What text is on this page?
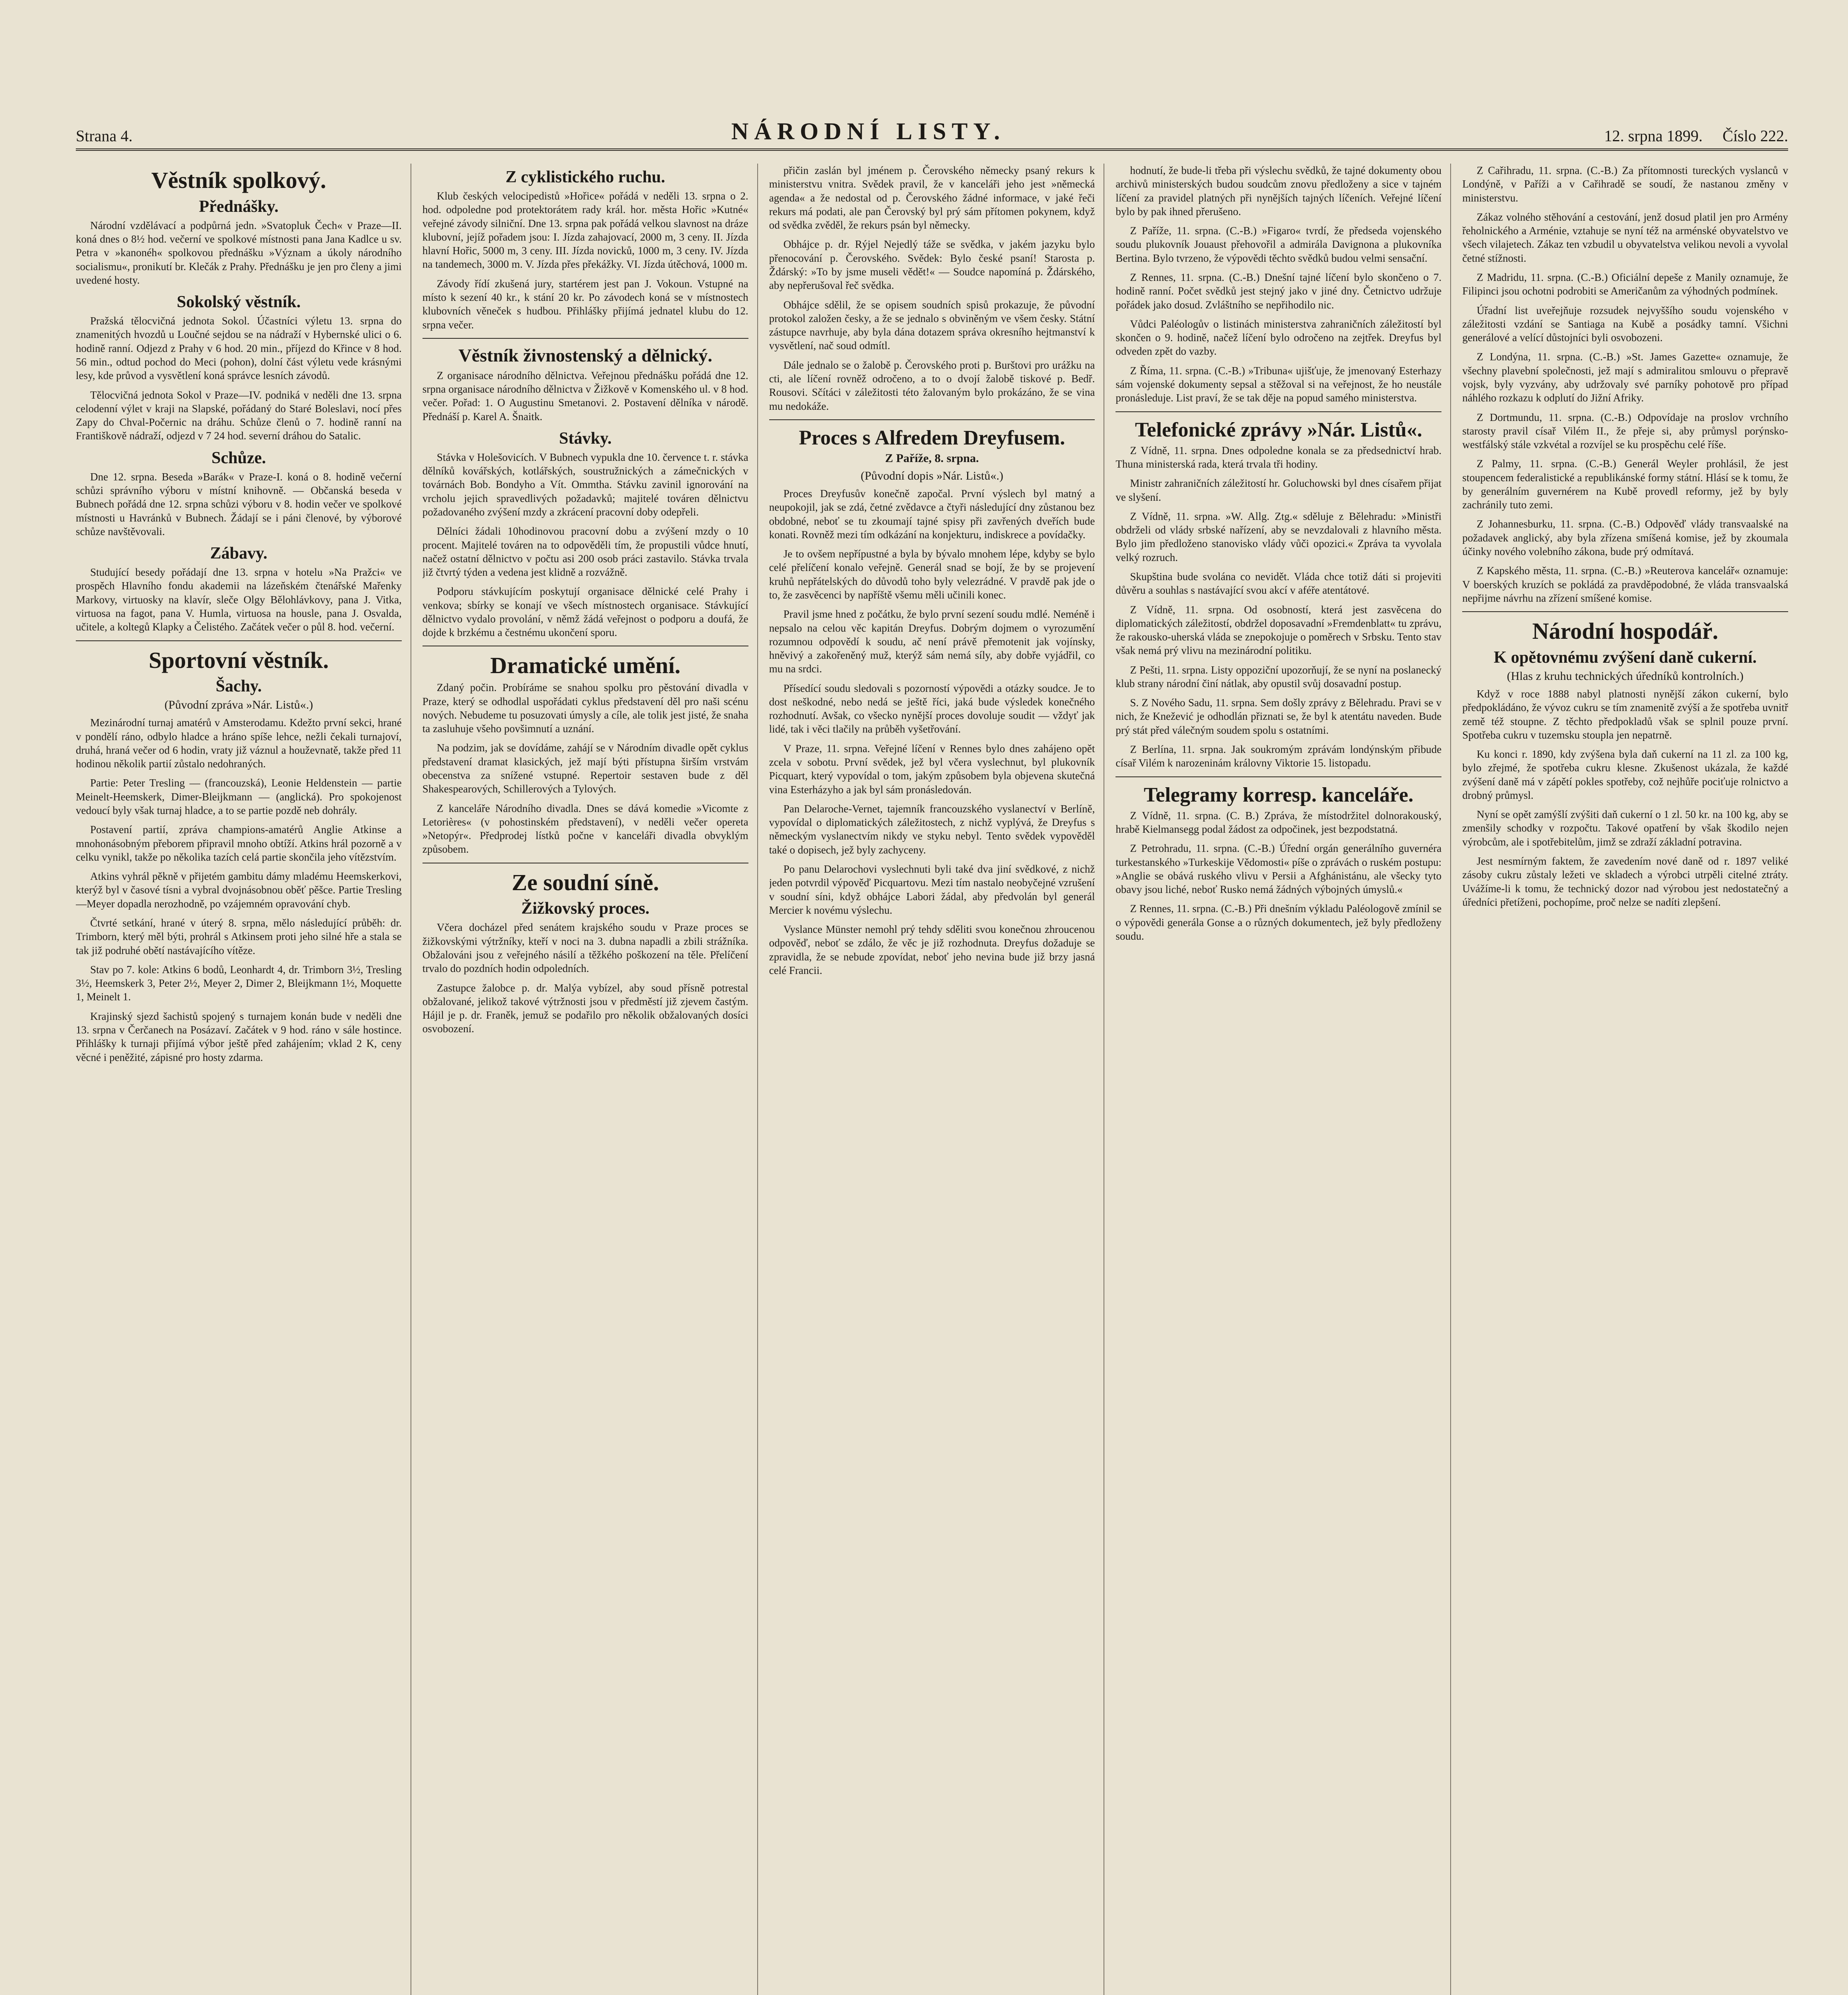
Strana 4.	NÁRODNÍ LISTY.	12. srpna 1899. Číslo 222.
Věstník spolkový.
Přednášky.

Národní vzdělávací a podpůrná jedn. »Svatopluk Čech« v Praze—II. koná dnes o 8½ hod. večerní ve spolkové místnosti pana Jana Kadlce u sv. Petra v »kanonéh« spolkovou přednášku »Význam a úkoly národního socialismu«, pronikutí br. Klečák z Prahy. Přednášku je jen pro členy a jimi uvedené hosty.

Sokolský věstník.

Pražská tělocvičná jednota Sokol. Účastníci výletu 13. srpna do znamenitých hvozdů u Loučné sejdou se na nádraží v Hybernské ulici o 6. hodině ranní. Odjezd z Prahy v 6 hod. 20 min., příjezd do Křince v 8 hod. 56 min., odtud pochod do Meci (pohon), dolní část výletu vede krásnými lesy, kde průvod a vysvětlení koná správce lesních závodů.

Tělocvičná jednota Sokol v Praze—IV. podniká v neděli dne 13. srpna celodenní výlet v kraji na Slapské, pořádaný do Staré Boleslavi, nocí přes Zapy do Chval-Počernic na dráhu. Schůze členů o 7. hodině ranní na Františkově nádraží, odjezd v 7 24 hod. severní dráhou do Satalic.

Schůze.

Dne 12. srpna. Beseda »Barák« v Praze-I. koná o 8. hodině večerní schůzi správního výboru v místní knihovně. — Občanská beseda v Bubnech pořádá dne 12. srpna schůzi výboru v 8. hodin večer ve spolkové místnosti u Havránků v Bubnech. Žádají se i páni členové, by výborové schůze navštěvovali.

Zábavy.

Studující besedy pořádají dne 13. srpna v hotelu »Na Pražci« ve prospěch Hlavního fondu akademii na lázeňském čtenářské Mařenky Markovy, virtuosky na klavír, sleče Olgy Bělohlávkovy, pana J. Vitka, virtuosa na fagot, pana V. Humla, virtuosa na housle, pana J. Osvalda, učitele, a koltegů Klapky a Čelistého. Začátek večer o půl 8. hod. večerní.

Sportovní věstník.
Šachy.
(Původní zpráva »Nár. Listů«.)

Mezinárodní turnaj amatérů v Amsterodamu. Kdežto první sekci, hrané v pondělí ráno, odbylo hladce a hráno spíše lehce, nežli čekali turnajoví, druhá, hraná večer od 6 hodin, vraty již váznul a houževnatě, takže před 11 hodinou několik partií zůstalo nedohraných.

Partie: Peter Tresling — (francouzská), Leonie Heldenstein — partie Meinelt-Heemskerk, Dimer-Bleijkmann — (anglická). Pro spokojenost vedoucí byly však turnaj hladce, a to se partie pozdě neb dohrály.

Postavení partií, zpráva champions-amatérů Anglie Atkinse a mnohonásobným přeborem připravil mnoho obtíží. Atkins hrál pozorně a v celku vynikl, takže po několika tazích celá partie skončila jeho vítězstvím.

Atkins vyhrál pěkně v přijetém gambitu dámy mladému Heemskerkovi, kterýž byl v časové tísni a vybral dvojnásobnou oběť pěšce. Partie Tresling—Meyer dopadla nerozhodně, po vzájemném opravování chyb.

Čtvrté setkání, hrané v úterý 8. srpna, mělo následující průběh: dr. Trimborn, který měl býti, prohrál s Atkinsem proti jeho silné hře a stala se tak již podruhé obětí nastávajícího vítěze.

Stav po 7. kole: Atkins 6 bodů, Leonhardt 4, dr. Trimborn 3½, Tresling 3½, Heemskerk 3, Peter 2½, Meyer 2, Dimer 2, Bleijkmann 1½, Moquette 1, Meinelt 1.

Krajinský sjezd šachistů spojený s turnajem konán bude v neděli dne 13. srpna v Čerčanech na Posázaví. Začátek v 9 hod. ráno v sále hostince. Přihlášky k turnaji přijímá výbor ještě před zahájením; vklad 2 K, ceny věcné i peněžité, zápisné pro hosty zdarma.

Z cyklistického ruchu.

Klub českých velocipedistů »Hořice« pořádá v neděli 13. srpna o 2. hod. odpoledne pod protektorátem rady král. hor. města Hořic »Kutné« veřejné závody silniční. Dne 13. srpna pak pořádá velkou slavnost na dráze klubovní, jejíž pořadem jsou: I. Jízda zahajovací, 2000 m, 3 ceny. II. Jízda hlavní Hořic, 5000 m, 3 ceny. III. Jízda novicků, 1000 m, 3 ceny. IV. Jízda na tandemech, 3000 m. V. Jízda přes překážky. VI. Jízda útěchová, 1000 m.

Závody řídí zkušená jury, startérem jest pan J. Vokoun. Vstupné na místo k sezení 40 kr., k stání 20 kr. Po závodech koná se v místnostech klubovních věneček s hudbou. Přihlášky přijímá jednatel klubu do 12. srpna večer.

Věstník živnostenský a dělnický.

Z organisace národního dělnictva. Veřejnou přednášku pořádá dne 12. srpna organisace národního dělnictva v Žižkově v Komenského ul. v 8 hod. večer. Pořad: 1. O Augustinu Smetanovi. 2. Postavení dělníka v národě. Přednáší p. Karel A. Šnaitk.

Stávky.

Stávka v Holešovicích. V Bubnech vypukla dne 10. července t. r. stávka dělníků kovářských, kotlářských, soustružnických a zámečnických v továrnách Bob. Bondyho a Vít. Ommtha. Stávku zavinil ignorování na vrcholu jejich spravedlivých požadavků; majitelé továren dělnictvu požadovaného zvýšení mzdy a zkrácení pracovní doby odepřeli.

Dělníci žádali 10hodinovou pracovní dobu a zvýšení mzdy o 10 procent. Majitelé továren na to odpověděli tím, že propustili vůdce hnutí, načež ostatní dělnictvo v počtu asi 200 osob práci zastavilo. Stávka trvala již čtvrtý týden a vedena jest klidně a rozvážně.

Podporu stávkujícím poskytují organisace dělnické celé Prahy i venkova; sbírky se konají ve všech místnostech organisace. Stávkující dělnictvo vydalo provolání, v němž žádá veřejnost o podporu a doufá, že dojde k brzkému a čestnému ukončení sporu.

Dramatické umění.

Zdaný počin. Probíráme se snahou spolku pro pěstování divadla v Praze, který se odhodlal uspořádati cyklus představení děl pro naši scénu nových. Nebudeme tu posuzovati úmysly a cíle, ale tolik jest jisté, že snaha ta zasluhuje všeho povšimnutí a uznání.

Na podzim, jak se dovídáme, zahájí se v Národním divadle opět cyklus představení dramat klasických, jež mají býti přístupna širším vrstvám obecenstva za snížené vstupné. Repertoir sestaven bude z děl Shakespearových, Schillerových a Tylových.

Z kanceláře Národního divadla. Dnes se dává komedie »Vicomte z Letorières« (v pohostinském představení), v neděli večer opereta »Netopýr«. Předprodej lístků počne v kanceláři divadla obvyklým způsobem.

Ze soudní síně.
Žižkovský proces.

Včera docházel před senátem krajského soudu v Praze proces se žižkovskými výtržníky, kteří v noci na 3. dubna napadli a zbili strážníka. Obžalováni jsou z veřejného násilí a těžkého poškození na těle. Přelíčení trvalo do pozdních hodin odpoledních.

Zastupce žalobce p. dr. Malýa vybízel, aby soud přísně potrestal obžalované, jelikož takové výtržnosti jsou v předměstí již zjevem častým. Hájil je p. dr. Franěk, jemuž se podařilo pro několik obžalovaných dosíci osvobození.

přičin zaslán byl jménem p. Čerovského německy psaný rekurs k ministerstvu vnitra. Svědek pravil, že v kanceláři jeho jest »německá agenda« a že nedostal od p. Čerovského žádné informace, v jaké řeči rekurs má podati, ale pan Čerovský byl prý sám přítomen pokynem, když od svědka zvěděl, že rekurs psán byl německy.

Obhájce p. dr. Rýjel Nejedlý táže se svědka, v jakém jazyku bylo přenocování p. Čerovského. Svědek: Bylo české psaní! Starosta p. Ždárský: »To by jsme museli vědět!« — Soudce napomíná p. Ždárského, aby nepřerušoval řeč svědka.

Obhájce sdělil, že se opisem soudních spisů prokazuje, že původní protokol založen česky, a že se jednalo s obviněným ve všem česky. Státní zástupce navrhuje, aby byla dána dotazem správa okresního hejtmanství k vysvětlení, nač soud odmítl.

Dále jednalo se o žalobě p. Čerovského proti p. Burštovi pro urážku na cti, ale líčení rovněž odročeno, a to o dvojí žalobě tiskové p. Bedř. Rousovi. Sčítáci v záležitosti této žalovaným bylo prokázáno, že se vina mu nedokáže.

Proces s Alfredem Dreyfusem.
Z Paříže, 8. srpna.
(Původní dopis »Nár. Listů«.)

Proces Dreyfusův konečně započal. První výslech byl matný a neupokojil, jak se zdá, četné zvědavce a čtyři následující dny zůstanou bez obdobné, neboť se tu zkoumají tajné spisy při zavřených dveřích bude konati. Rovněž mezi tím odkázání na konjekturu, indiskrece a povídačky.

Je to ovšem nepřípustné a byla by bývalo mnohem lépe, kdyby se bylo celé přelíčení konalo veřejně. Generál snad se bojí, že by se projevení kruhů nepřátelských do důvodů toho byly velezrádné. V pravdě pak jde o to, že zasvěcenci by napříště všemu měli učinili konec.

Pravil jsme hned z počátku, že bylo první sezení soudu mdlé. Neméně i nepsalo na celou věc kapitán Dreyfus. Dobrým dojmem o vyrozumění rozumnou odpovědí k soudu, ač není právě přemotenit jak vojínsky, hněvivý a zakořeněný muž, kterýž sám nemá síly, aby dobře vyjádřil, co mu na srdci.

Přísedící soudu sledovali s pozorností výpovědi a otázky soudce. Je to dost neškodné, nebo nedá se ještě říci, jaká bude výsledek konečného rozhodnutí. Avšak, co všecko nynější proces dovoluje soudit — vždyť jak lidé, tak i věci tlačily na průběh vyšetřování.

V Praze, 11. srpna. Veřejné líčení v Rennes bylo dnes zahájeno opět zcela v sobotu. První svědek, jež byl včera vyslechnut, byl plukovník Picquart, který vypovídal o tom, jakým způsobem byla objevena skutečná vina Esterházyho a jak byl sám pronásledován.

Pan Delaroche-Vernet, tajemník francouzského vyslanectví v Berlíně, vypovídal o diplomatických záležitostech, z nichž vyplývá, že Dreyfus s německým vyslanectvím nikdy ve styku nebyl. Tento svědek vypověděl také o dopisech, jež byly zachyceny.

Po panu Delarochovi vyslechnuti byli také dva jiní svědkové, z nichž jeden potvrdil výpověď Picquartovu. Mezi tím nastalo neobyčejné vzrušení v soudní síni, když obhájce Labori žádal, aby předvolán byl generál Mercier k novému výslechu.

Vyslance Münster nemohl prý tehdy sděliti svou konečnou zhroucenou odpověď, neboť se zdálo, že věc je již rozhodnuta. Dreyfus dožaduje se zpravidla, že se nebude zpovídat, neboť jeho nevina bude již brzy jasná celé Francii.

hodnutí, že bude-li třeba při výslechu svědků, že tajné dokumenty obou archivů ministerských budou soudcům znovu předloženy a sice v tajném líčení za pravidel platných při nynějších tajných líčeních. Veřejné líčení bylo by pak ihned přerušeno.

Z Paříže, 11. srpna. (C.-B.) »Figaro« tvrdí, že předseda vojenského soudu plukovník Jouaust přehovořil a admirála Davignona a plukovníka Bertina. Bylo tvrzeno, že výpovědi těchto svědků budou velmi sensační.

Z Rennes, 11. srpna. (C.-B.) Dnešní tajné líčení bylo skončeno o 7. hodině ranní. Počet svědků jest stejný jako v jiné dny. Četnictvo udržuje pořádek jako dosud. Zvláštního se nepřihodilo nic.

Vůdci Paléologův o listinách ministerstva zahraničních záležitostí byl skončen o 9. hodině, načež líčení bylo odročeno na zejtřek. Dreyfus byl odveden zpět do vazby.

Z Říma, 11. srpna. (C.-B.) »Tribuna« ujišťuje, že jmenovaný Esterhazy sám vojenské dokumenty sepsal a stěžoval si na veřejnost, že ho neustále pronásleduje. List praví, že se tak děje na popud samého ministerstva.

Telefonické zprávy »Nár. Listů«.

Z Vídně, 11. srpna. Dnes odpoledne konala se za předsednictví hrab. Thuna ministerská rada, která trvala tři hodiny.

Ministr zahraničních záležitostí hr. Goluchowski byl dnes císařem přijat ve slyšení.

Z Vídně, 11. srpna. »W. Allg. Ztg.« sděluje z Bělehradu: »Ministři obdrželi od vlády srbské nařízení, aby se nevzdalovali z hlavního města. Bylo jim předloženo stanovisko vlády vůči opozici.« Zpráva ta vyvolala velký rozruch.

Skupština bude svolána co nevidět. Vláda chce totiž dáti si projeviti důvěru a souhlas s nastávající svou akcí v aféře atentátové.

Z Vídně, 11. srpna. Od osobností, která jest zasvěcena do diplomatických záležitostí, obdržel doposavadní »Fremdenblatt« tu zprávu, že rakousko-uherská vláda se znepokojuje o poměrech v Srbsku. Tento stav však nemá prý vlivu na mezinárodní politiku.

Z Pešti, 11. srpna. Listy oppoziční upozorňují, že se nyní na poslanecký klub strany národní činí nátlak, aby opustil svůj dosavadní postup.

S. Z Nového Sadu, 11. srpna. Sem došly zprávy z Bělehradu. Pravi se v nich, že Knežević je odhodlán přiznati se, že byl k atentátu naveden. Bude prý stát před válečným soudem spolu s ostatními.

Z Berlína, 11. srpna. Jak soukromým zprávám londýnským přibude císař Vilém k narozeninám královny Viktorie 15. listopadu.

Telegramy korresp. kanceláře.

Z Vídně, 11. srpna. (C. B.) Zpráva, že místodržitel dolnorakouský, hrabě Kielmansegg podal žádost za odpočinek, jest bezpodstatná.

Z Petrohradu, 11. srpna. (C.-B.) Úřední orgán generálního guvernéra turkestanského »Turkeskije Vědomosti« píše o zprávách o ruském postupu: »Anglie se obává ruského vlivu v Persii a Afghánistánu, ale všecky tyto obavy jsou liché, neboť Rusko nemá žádných výbojných úmyslů.«

Z Rennes, 11. srpna. (C.-B.) Při dnešním výkladu Paléologově zmínil se o výpovědi generála Gonse a o různých dokumentech, jež byly předloženy soudu.

Z Cařihradu, 11. srpna. (C.-B.) Za přítomnosti tureckých vyslanců v Londýně, v Paříži a v Cařihradě se soudí, že nastanou změny v ministerstvu.

Zákaz volného stěhování a cestování, jenž dosud platil jen pro Armény řeholnického a Arménie, vztahuje se nyní též na arménské obyvatelstvo ve všech vilajetech. Zákaz ten vzbudil u obyvatelstva velikou nevoli a vyvolal četné stížnosti.

Z Madridu, 11. srpna. (C.-B.) Oficiální depeše z Manily oznamuje, že Filipinci jsou ochotni podrobiti se Američanům za výhodných podmínek.

Úřadní list uveřejňuje rozsudek nejvyššího soudu vojenského v záležitosti vzdání se Santiaga na Kubě a posádky tamní. Všichni generálové a velící důstojníci byli osvobozeni.

Z Londýna, 11. srpna. (C.-B.) »St. James Gazette« oznamuje, že všechny plavební společnosti, jež mají s admiralitou smlouvu o přepravě vojsk, byly vyzvány, aby udržovaly své parníky pohotově pro případ náhlého rozkazu k odplutí do Jižní Afriky.

Z Dortmundu, 11. srpna. (C.-B.) Odpovídaje na proslov vrchního starosty pravil císař Vilém II., že přeje si, aby průmysl porýnsko-westfálský stále vzkvétal a rozvíjel se ku prospěchu celé říše.

Z Palmy, 11. srpna. (C.-B.) Generál Weyler prohlásil, že jest stoupencem federalistické a republikánské formy státní. Hlásí se k tomu, že by generálním guvernérem na Kubě provedl reformy, jež by byly zachránily tuto zemi.

Z Johannesburku, 11. srpna. (C.-B.) Odpověď vlády transvaalské na požadavek anglický, aby byla zřízena smíšená komise, jež by zkoumala účinky nového volebního zákona, bude prý odmítavá.

Z Kapského města, 11. srpna. (C.-B.) »Reuterova kancelář« oznamuje: V boerských kruzích se pokládá za pravděpodobné, že vláda transvaalská nepřijme návrhu na zřízení smíšené komise.

Národní hospodář.
K opětovnému zvýšení daně cukerní.
(Hlas z kruhu technických úředníků kontrolních.)

Když v roce 1888 nabyl platnosti nynější zákon cukerní, bylo předpokládáno, že vývoz cukru se tím znamenitě zvýší a že spotřeba uvnitř země též stoupne. Z těchto předpokladů však se splnil pouze první. Spotřeba cukru v tuzemsku stoupla jen nepatrně.

Ku konci r. 1890, kdy zvýšena byla daň cukerní na 11 zl. za 100 kg, bylo zřejmé, že spotřeba cukru klesne. Zkušenost ukázala, že každé zvýšení daně má v zápětí pokles spotřeby, což nejhůře pociťuje rolnictvo a drobný průmysl.

Nyní se opět zamýšlí zvýšiti daň cukerní o 1 zl. 50 kr. na 100 kg, aby se zmenšily schodky v rozpočtu. Takové opatření by však škodilo nejen výrobcům, ale i spotřebitelům, jimž se zdraží základní potravina.

Jest nesmírným faktem, že zavedením nové daně od r. 1897 veliké zásoby cukru zůstaly ležeti ve skladech a výrobci utrpěli citelné ztráty. Uvážíme-li k tomu, že technický dozor nad výrobou jest nedostatečný a úředníci přetíženi, pochopíme, proč nelze se nadíti zlepšení.
